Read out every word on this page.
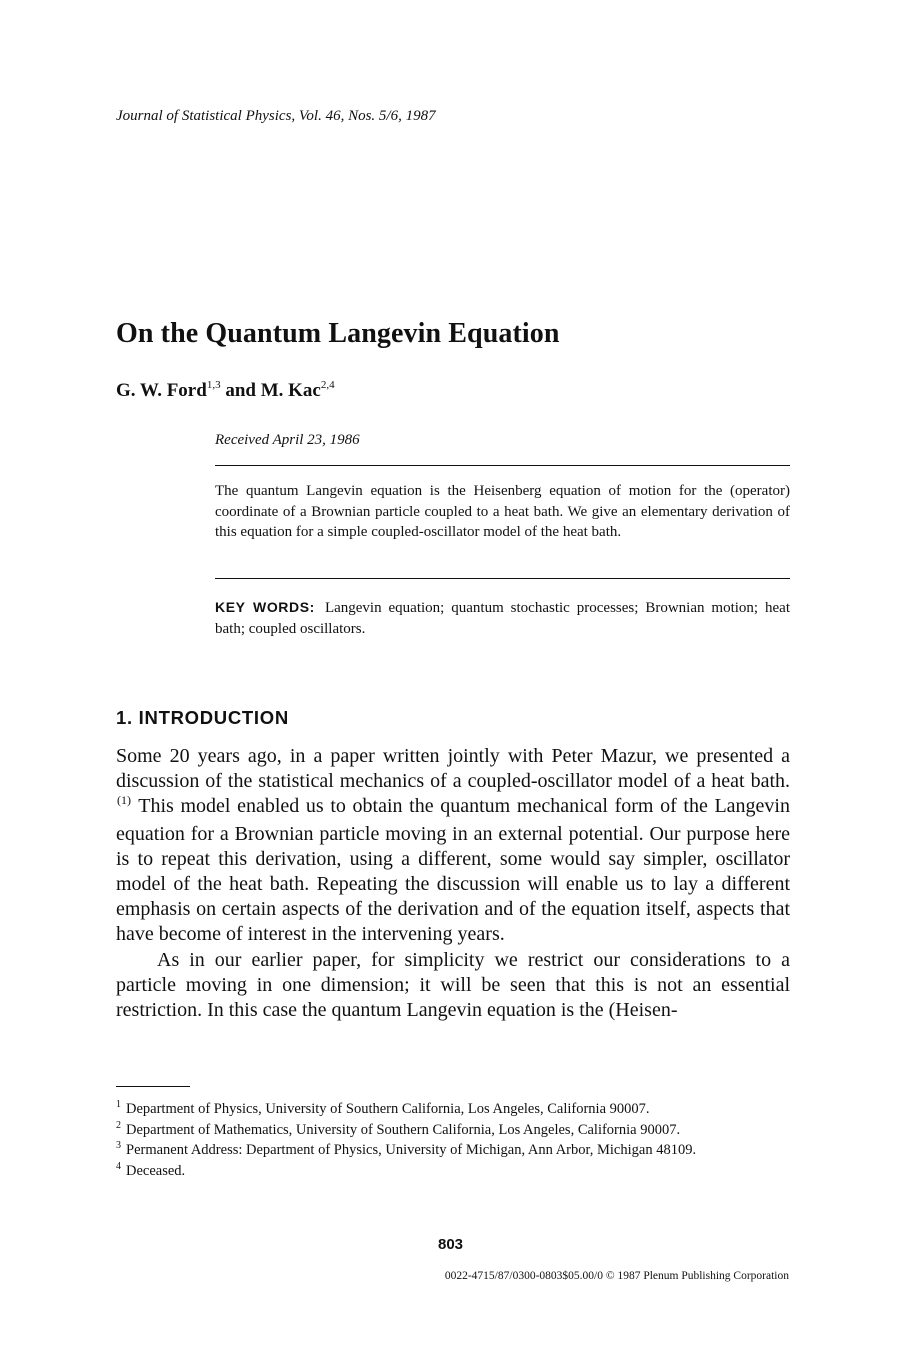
Journal of Statistical Physics, Vol. 46, Nos. 5/6, 1987
On the Quantum Langevin Equation
G. W. Ford$^{1,3}$ and M. Kac$^{2,4}$
Received April 23, 1986
The quantum Langevin equation is the Heisenberg equation of motion for the (operator) coordinate of a Brownian particle coupled to a heat bath. We give an elementary derivation of this equation for a simple coupled-oscillator model of the heat bath.
KEY WORDS: Langevin equation; quantum stochastic processes; Brownian motion; heat bath; coupled oscillators.
1. INTRODUCTION

Some 20 years ago, in a paper written jointly with Peter Mazur, we presented a discussion of the statistical mechanics of a coupled-oscillator model of a heat bath.$^{(1)}$ This model enabled us to obtain the quantum mechanical form of the Langevin equation for a Brownian particle moving in an external potential. Our purpose here is to repeat this derivation, using a different, some would say simpler, oscillator model of the heat bath. Repeating the discussion will enable us to lay a different emphasis on certain aspects of the derivation and of the equation itself, aspects that have become of interest in the intervening years.

As in our earlier paper, for simplicity we restrict our considerations to a particle moving in one dimension; it will be seen that this is not an essential restriction. In this case the quantum Langevin equation is the (Heisen-

1 Department of Physics, University of Southern California, Los Angeles, California 90007.
2 Department of Mathematics, University of Southern California, Los Angeles, California 90007.
3 Permanent Address: Department of Physics, University of Michigan, Ann Arbor, Michigan 48109.
4 Deceased.
803
0022-4715/87/0300-0803$05.00/0 © 1987 Plenum Publishing Corporation
